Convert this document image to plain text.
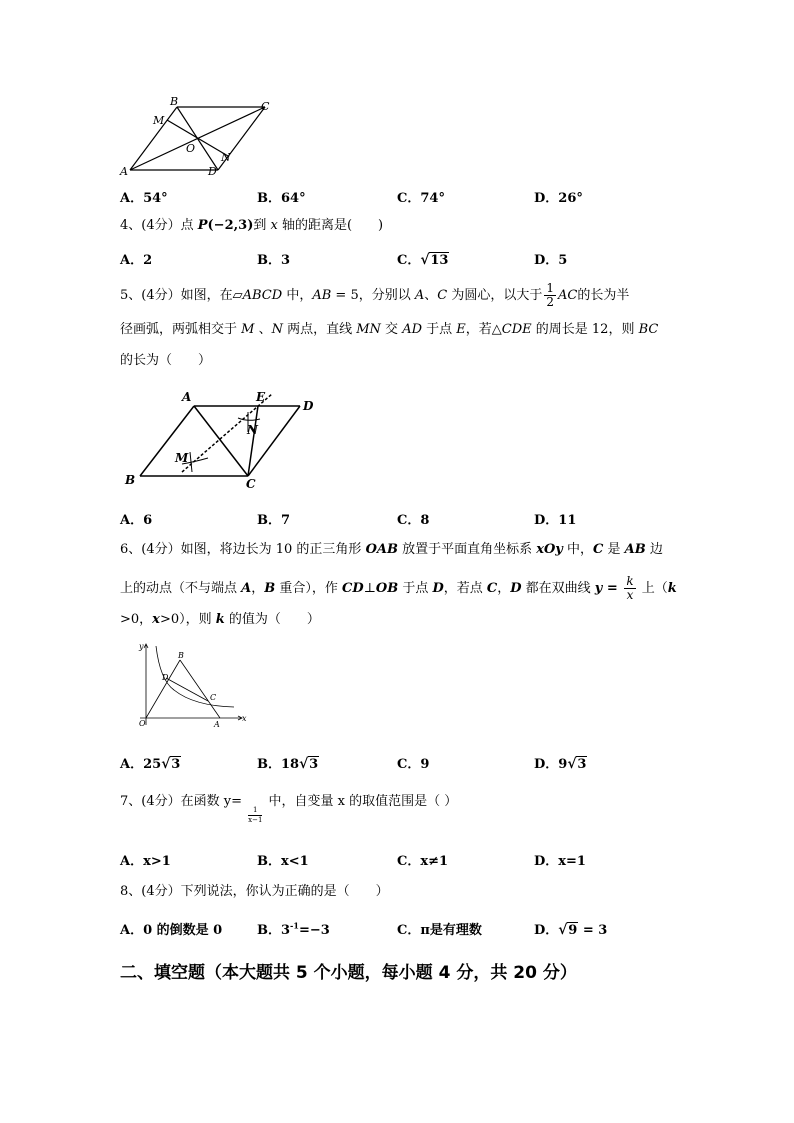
B	C
M
O
A	D
N
A．54°	B．64°	C．74°	D．26°
4、(4分）点 P(−2,3)到 x 轴的距离是(　　)
A．2	B．3	C． √ 13	D．5
5、(4分）如图，在▱ABCD 中，AB = 5，分别以 A、C 为圆心，以大于 $\frac{1}{2}$ AC的长为半
径画弧，两弧相交于 M 、N 两点，直线 MN 交 AD 于点 E，若△CDE 的周长是 12，则 BC
的长为（　　）
A	E
D
N
M
B	C
A．6	B．7	C．8	D．11
6、(4分）如图，将边长为 10 的正三角形 OAB 放置于平面直角坐标系 xOy 中，C 是 AB 边
上的动点（不与端点 A，B 重合），作 CD⊥OB 于点 D，若点 C，D 都在双曲线 $y = \frac{k}{x}$ 上（k
>0，x>0），则 k 的值为（　　）
y
B
D
C
O	A
x
A．25 √ 3	B．18 √ 3	C．9	D．9 √ 3
7、(4分）在函数 y=
$\frac{1}{x-1}$
中，自变量 x 的取值范围是（ ）
A．x>1	B．x<1	C．x≠1	D．x=1
8、(4分）下列说法，你认为正确的是（　　）
A．0 的倒数是 0	B．$3^{-1}=-3$	C．π是有理数	D． √ 9 = 3
二、填空题（本大题共 5 个小题，每小题 4 分，共 20 分）
